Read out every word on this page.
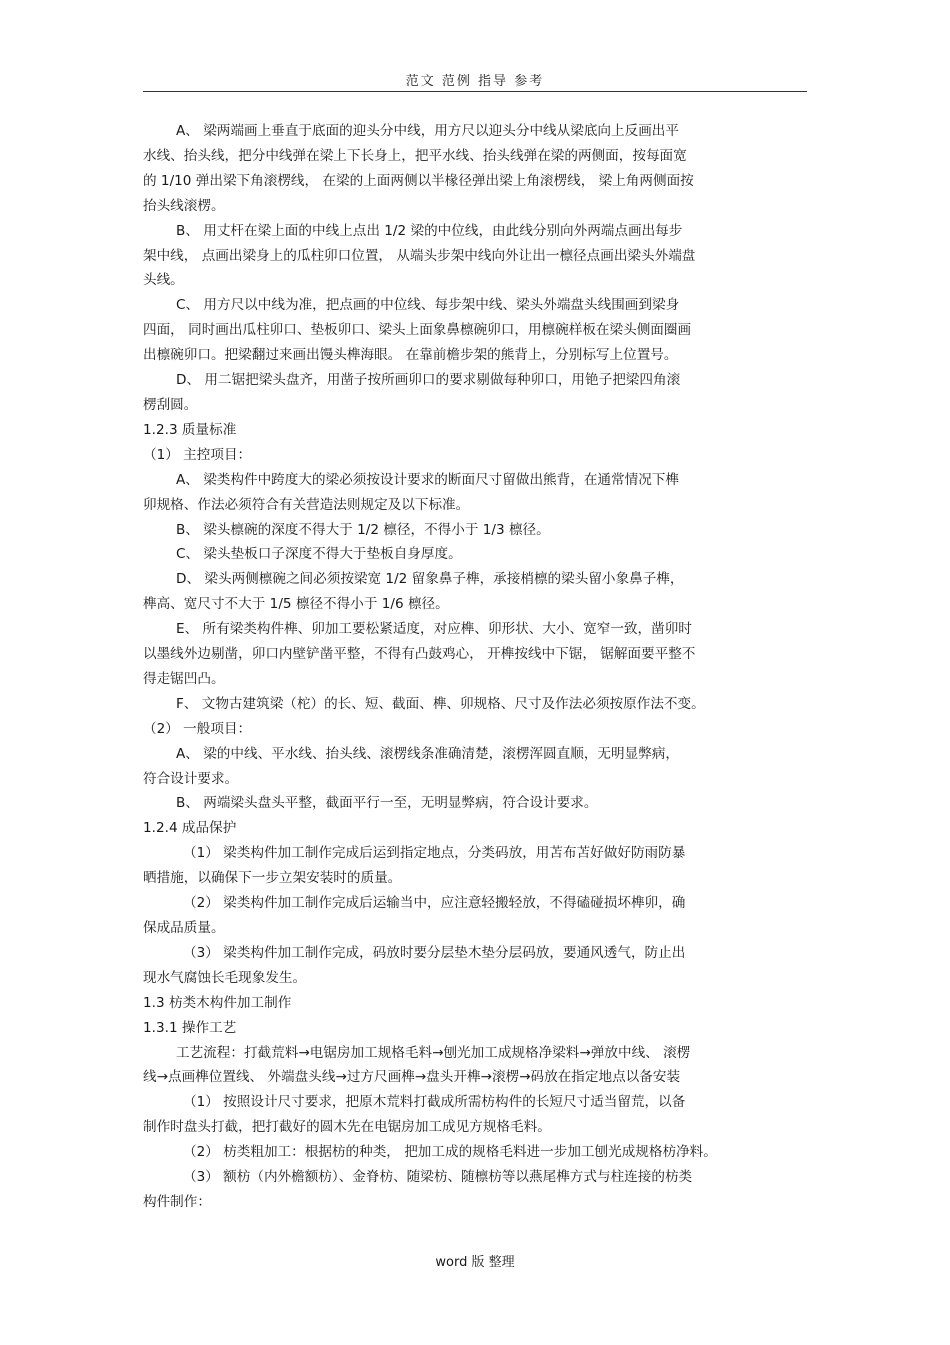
范文 范例 指导 参考

A、 梁两端画上垂直于底面的迎头分中线，用方尺以迎头分中线从梁底向上反画出平

水线、抬头线，把分中线弹在梁上下长身上，把平水线、抬头线弹在梁的两侧面，按每面宽

的 1/10 弹出梁下角滚楞线， 在梁的上面两侧以半椽径弹出梁上角滚楞线， 梁上角两侧面按

抬头线滚楞。

B、 用丈杆在梁上面的中线上点出 1/2 梁的中位线，由此线分别向外两端点画出每步

架中线， 点画出梁身上的瓜柱卯口位置， 从端头步架中线向外让出一檩径点画出梁头外端盘

头线。

C、 用方尺以中线为准，把点画的中位线、每步架中线、梁头外端盘头线围画到梁身

四面， 同时画出瓜柱卯口、垫板卯口、梁头上面象鼻檩碗卯口，用檩碗样板在梁头侧面圈画

出檩碗卯口。把梁翻过来画出馒头榫海眼。 在靠前檐步架的熊背上，分别标写上位置号。

D、 用二锯把梁头盘齐，用凿子按所画卯口的要求剔做每种卯口，用铯子把梁四角滚

楞刮圆。

1.2.3 质量标准

（1） 主控项目：

A、 梁类构件中跨度大的梁必须按设计要求的断面尺寸留做出熊背，在通常情况下榫

卯规格、作法必须符合有关营造法则规定及以下标准。

B、 梁头檩碗的深度不得大于 1/2 檩径，不得小于 1/3 檩径。

C、 梁头垫板口子深度不得大于垫板自身厚度。

D、 梁头两侧檩碗之间必须按梁宽 1/2 留象鼻子榫，承接梢檩的梁头留小象鼻子榫，

榫高、宽尺寸不大于 1/5 檩径不得小于 1/6 檩径。

E、 所有梁类构件榫、卯加工要松紧适度，对应榫、卯形状、大小、宽窄一致，凿卯时

以墨线外边剔凿，卯口内壁铲凿平整，不得有凸鼓鸡心， 开榫按线中下锯， 锯解面要平整不

得走锯凹凸。

F、 文物古建筑梁（柁）的长、短、截面、榫、卯规格、尺寸及作法必须按原作法不变。

（2） 一般项目：

A、 梁的中线、平水线、抬头线、滚楞线条准确清楚，滚楞浑圆直顺，无明显弊病，

符合设计要求。

B、 两端梁头盘头平整，截面平行一至，无明显弊病，符合设计要求。

1.2.4 成品保护

（1） 梁类构件加工制作完成后运到指定地点，分类码放，用苫布苫好做好防雨防暴

晒措施，以确保下一步立架安装时的质量。

（2） 梁类构件加工制作完成后运输当中，应注意轻搬轻放，不得磕碰损坏榫卯，确

保成品质量。

（3） 梁类构件加工制作完成，码放时要分层垫木垫分层码放，要通风透气，防止出

现水气腐蚀长毛现象发生。

1.3 枋类木构件加工制作

1.3.1 操作工艺

工艺流程：打截荒料→电锯房加工规格毛料→刨光加工成规格净梁料→弹放中线、 滚楞

线→点画榫位置线、 外端盘头线→过方尺画榫→盘头开榫→滚楞→码放在指定地点以备安装

（1） 按照设计尺寸要求，把原木荒料打截成所需枋构件的长短尺寸适当留荒，以备

制作时盘头打截，把打截好的圆木先在电锯房加工成见方规格毛料。

（2） 枋类粗加工：根据枋的种类， 把加工成的规格毛料进一步加工刨光成规格枋净料。

（3） 额枋（内外檐额枋）、金脊枋、随梁枋、随檩枋等以燕尾榫方式与柱连接的枋类

构件制作：

word 版 整理
